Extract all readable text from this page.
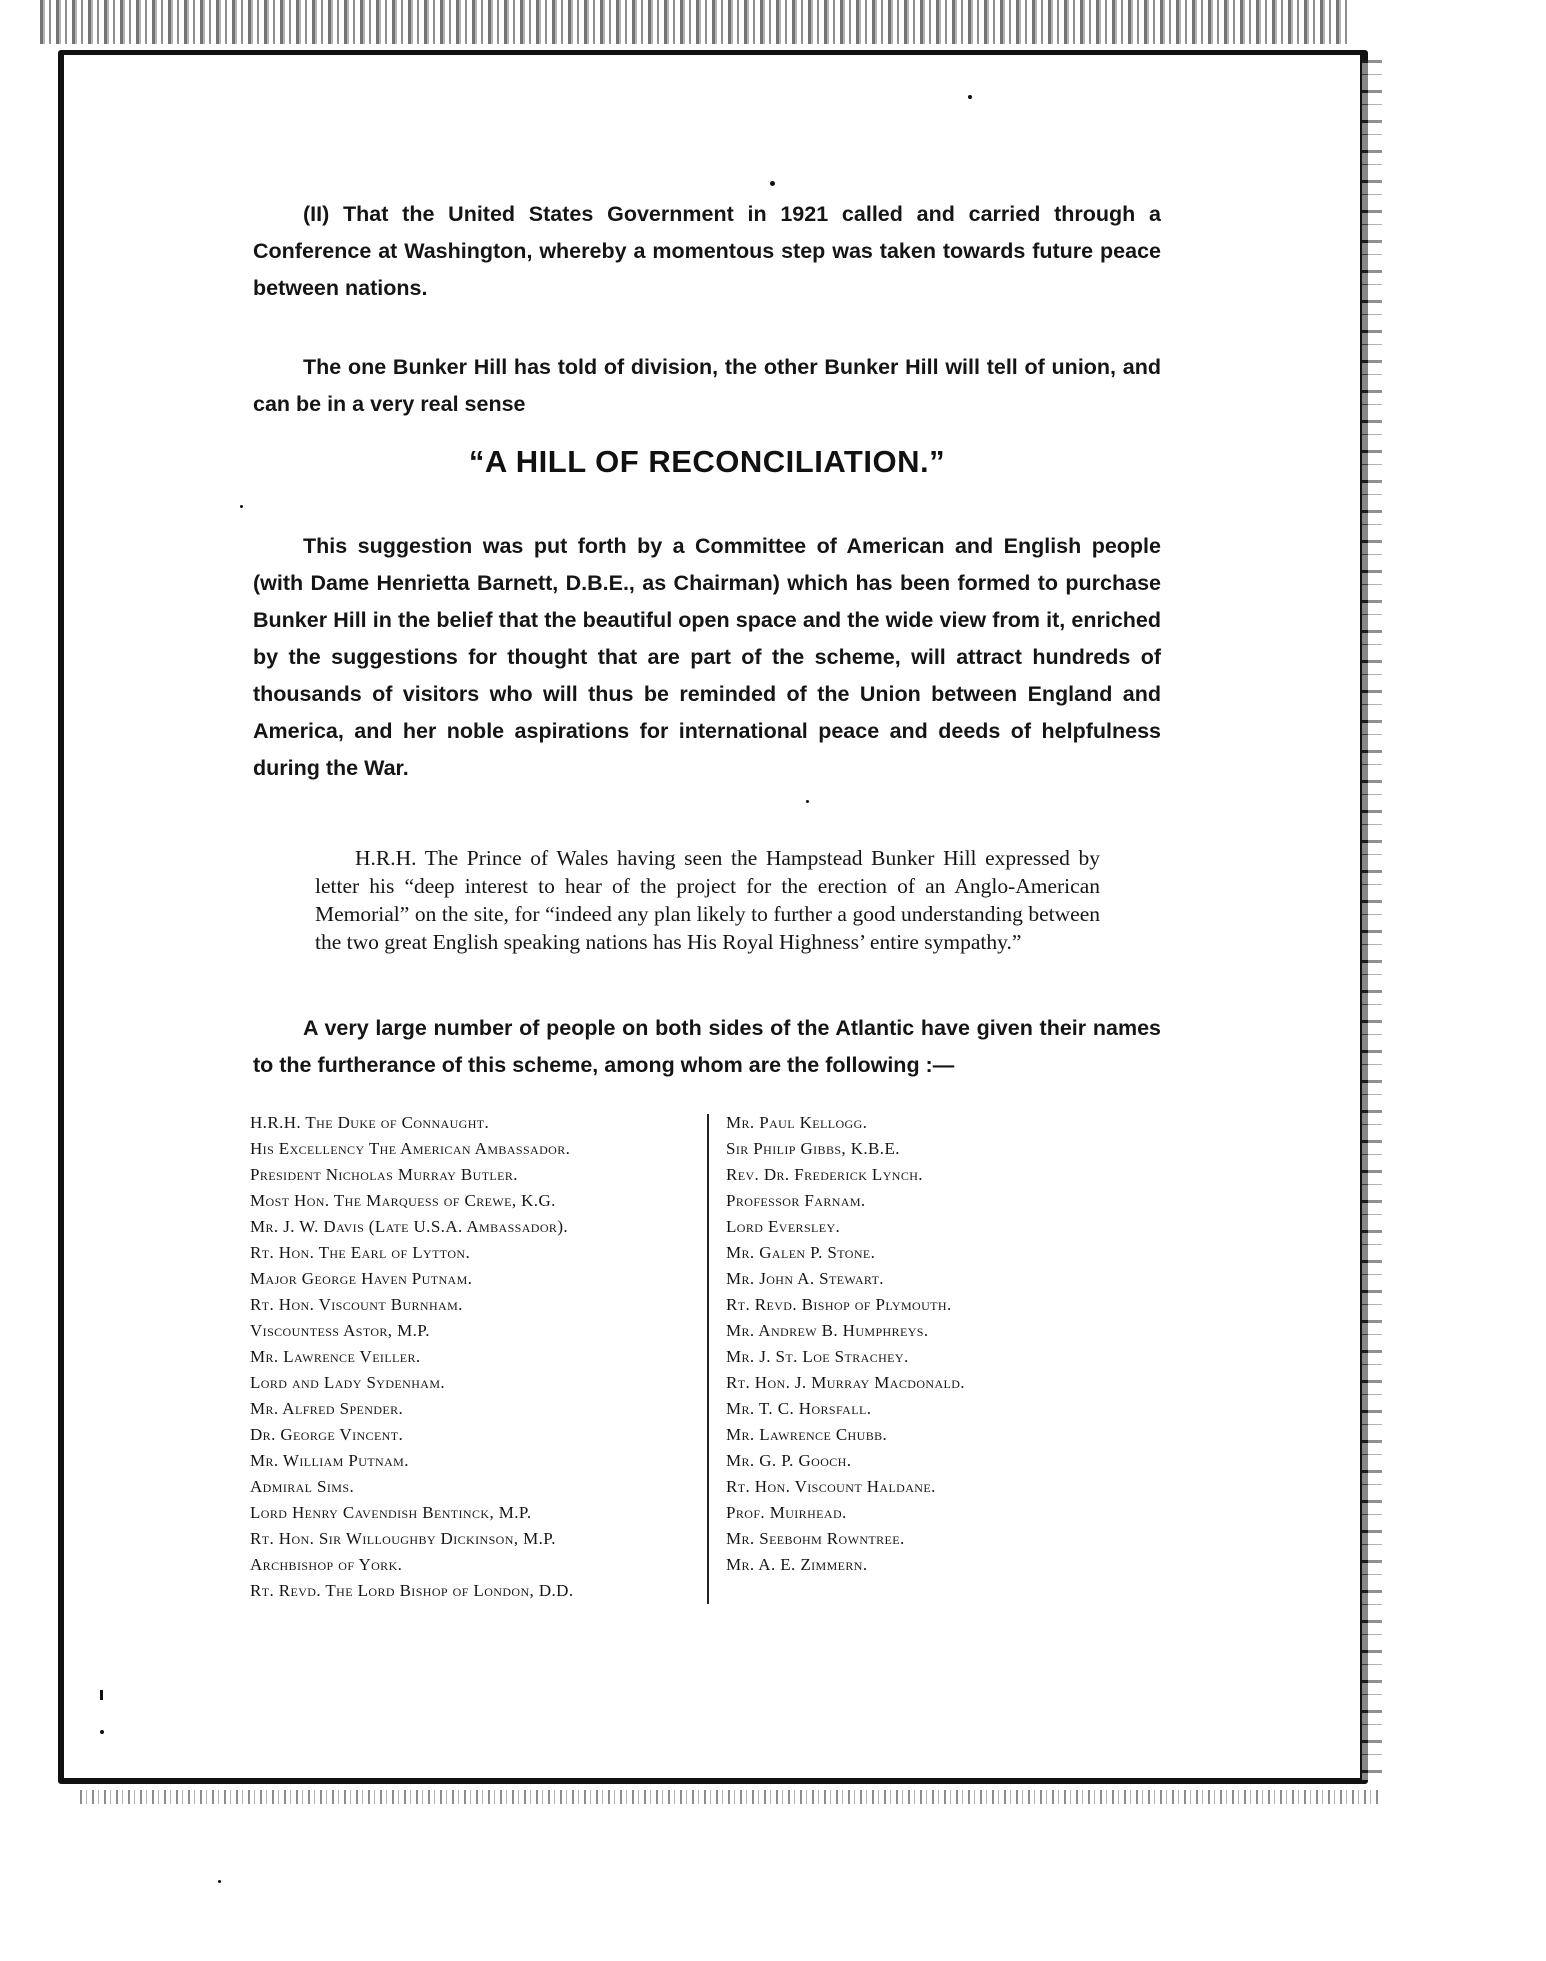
(II) That the United States Government in 1921 called and carried through a Conference at Washington, whereby a momentous step was taken towards future peace between nations.

The one Bunker Hill has told of division, the other Bunker Hill will tell of union, and can be in a very real sense

“A HILL OF RECONCILIATION.”

This suggestion was put forth by a Committee of American and English people (with Dame Henrietta Barnett, D.B.E., as Chairman) which has been formed to purchase Bunker Hill in the belief that the beautiful open space and the wide view from it, enriched by the suggestions for thought that are part of the scheme, will attract hundreds of thousands of visitors who will thus be reminded of the Union between England and America, and her noble aspirations for international peace and deeds of helpfulness during the War.

H.R.H. The Prince of Wales having seen the Hampstead Bunker Hill expressed by letter his “deep interest to hear of the project for the erection of an Anglo-American Memorial” on the site, for “indeed any plan likely to further a good understanding between the two great English speaking nations has His Royal Highness’ entire sympathy.”

A very large number of people on both sides of the Atlantic have given their names to the furtherance of this scheme, among whom are the following :—

H.R.H. The Duke of Connaught.
His Excellency The American Ambassador.
President Nicholas Murray Butler.
Most Hon. The Marquess of Crewe, K.G.
Mr. J. W. Davis (Late U.S.A. Ambassador).
Rt. Hon. The Earl of Lytton.
Major George Haven Putnam.
Rt. Hon. Viscount Burnham.
Viscountess Astor, M.P.
Mr. Lawrence Veiller.
Lord and Lady Sydenham.
Mr. Alfred Spender.
Dr. George Vincent.
Mr. William Putnam.
Admiral Sims.
Lord Henry Cavendish Bentinck, M.P.
Rt. Hon. Sir Willoughby Dickinson, M.P.
Archbishop of York.
Rt. Revd. The Lord Bishop of London, D.D.
Mr. Paul Kellogg.
Sir Philip Gibbs, K.B.E.
Rev. Dr. Frederick Lynch.
Professor Farnam.
Lord Eversley.
Mr. Galen P. Stone.
Mr. John A. Stewart.
Rt. Revd. Bishop of Plymouth.
Mr. Andrew B. Humphreys.
Mr. J. St. Loe Strachey.
Rt. Hon. J. Murray Macdonald.
Mr. T. C. Horsfall.
Mr. Lawrence Chubb.
Mr. G. P. Gooch.
Rt. Hon. Viscount Haldane.
Prof. Muirhead.
Mr. Seebohm Rowntree.
Mr. A. E. Zimmern.
